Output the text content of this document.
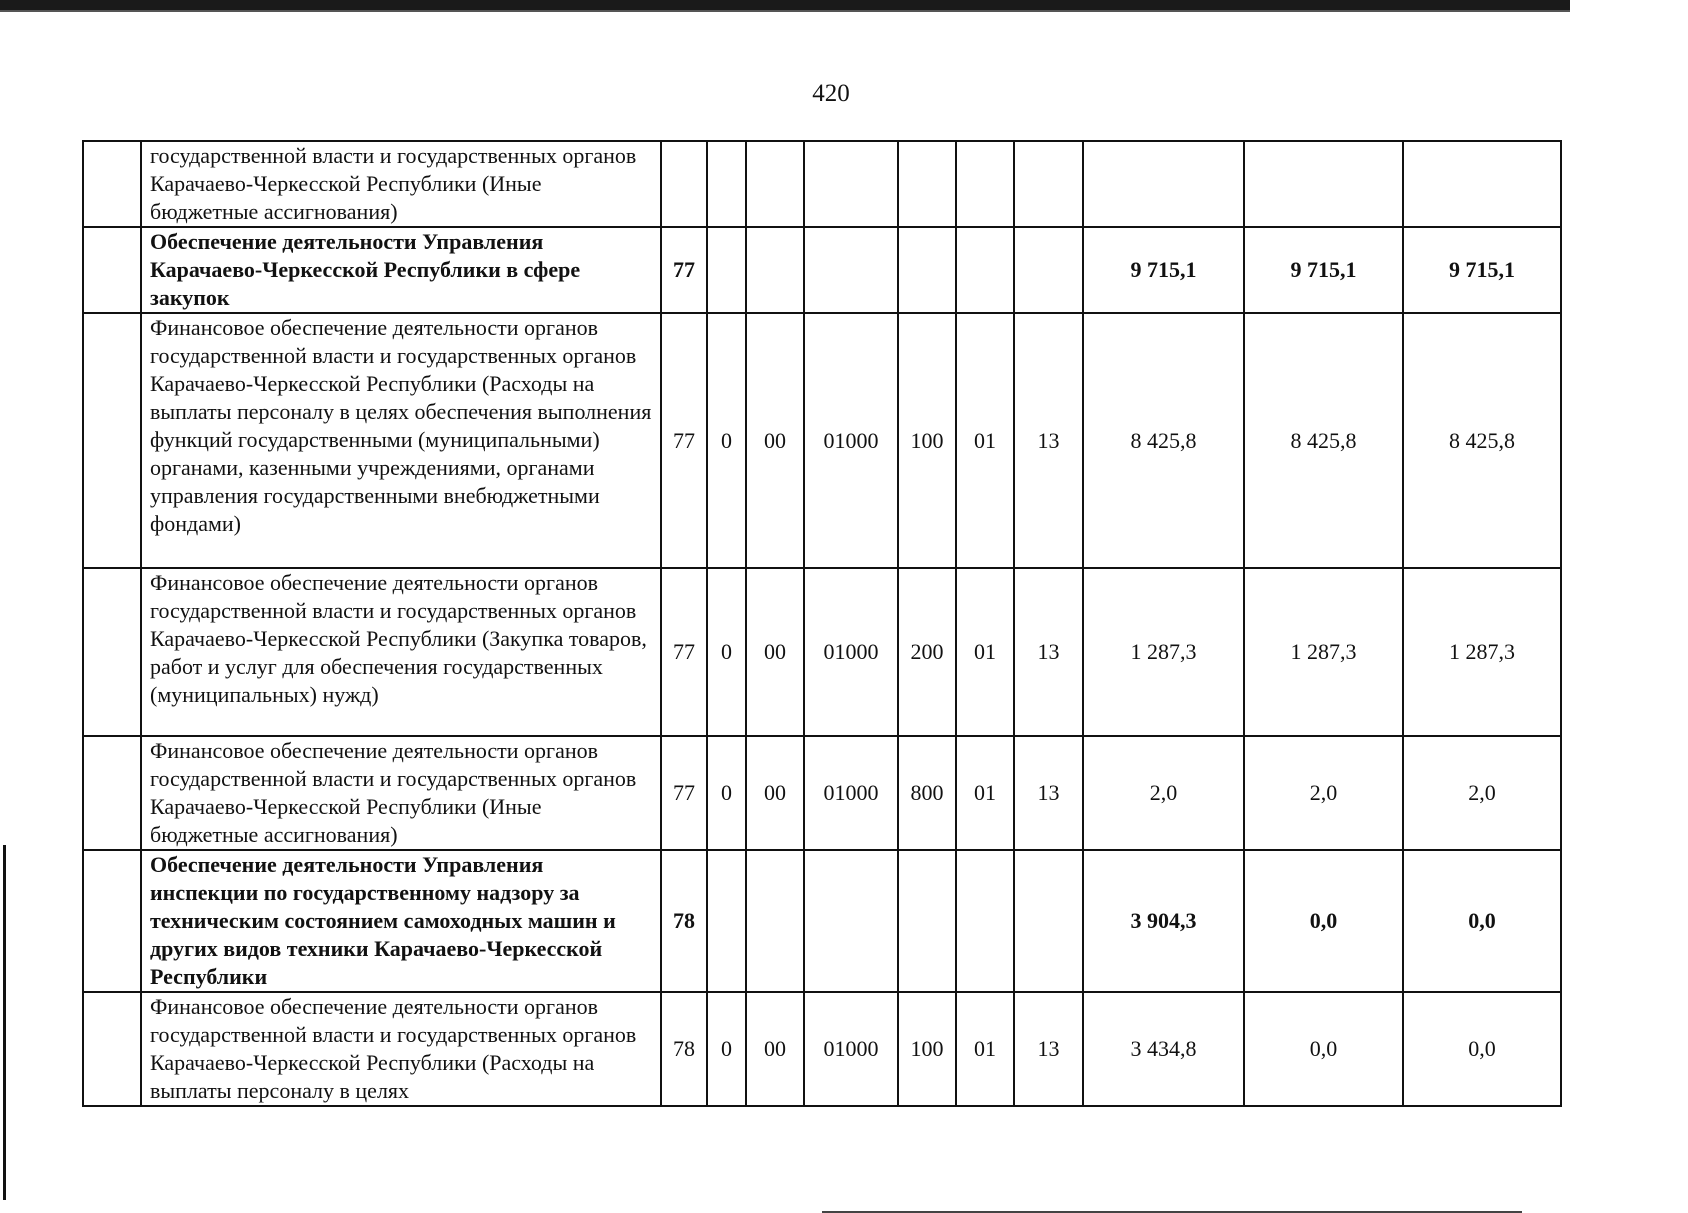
420
	государственной власти и государственных органов Карачаево-Черкесской Республики (Иные бюджетные ассигнования)										
	Обеспечение деятельности Управления Карачаево-Черкесской Республики в сфере закупок	77							9 715,1	9 715,1	9 715,1
	Финансовое обеспечение деятельности органов государственной власти и государственных органов Карачаево-Черкесской Республики (Расходы на выплаты персоналу в целях обеспечения выполнения функций государственными (муниципальными) органами, казенными учреждениями, органами управления государственными внебюджетными фондами)	77	0	00	01000	100	01	13	8 425,8	8 425,8	8 425,8
	Финансовое обеспечение деятельности органов государственной власти и государственных органов Карачаево-Черкесской Республики (Закупка товаров, работ и услуг для обеспечения государственных (муниципальных) нужд)	77	0	00	01000	200	01	13	1 287,3	1 287,3	1 287,3
	Финансовое обеспечение деятельности органов государственной власти и государственных органов Карачаево-Черкесской Республики (Иные бюджетные ассигнования)	77	0	00	01000	800	01	13	2,0	2,0	2,0
	Обеспечение деятельности Управления инспекции по государственному надзору за техническим состоянием самоходных машин и других видов техники Карачаево-Черкесской Республики	78							3 904,3	0,0	0,0
	Финансовое обеспечение деятельности органов государственной власти и государственных органов Карачаево-Черкесской Республики (Расходы на выплаты персоналу в целях	78	0	00	01000	100	01	13	3 434,8	0,0	0,0
